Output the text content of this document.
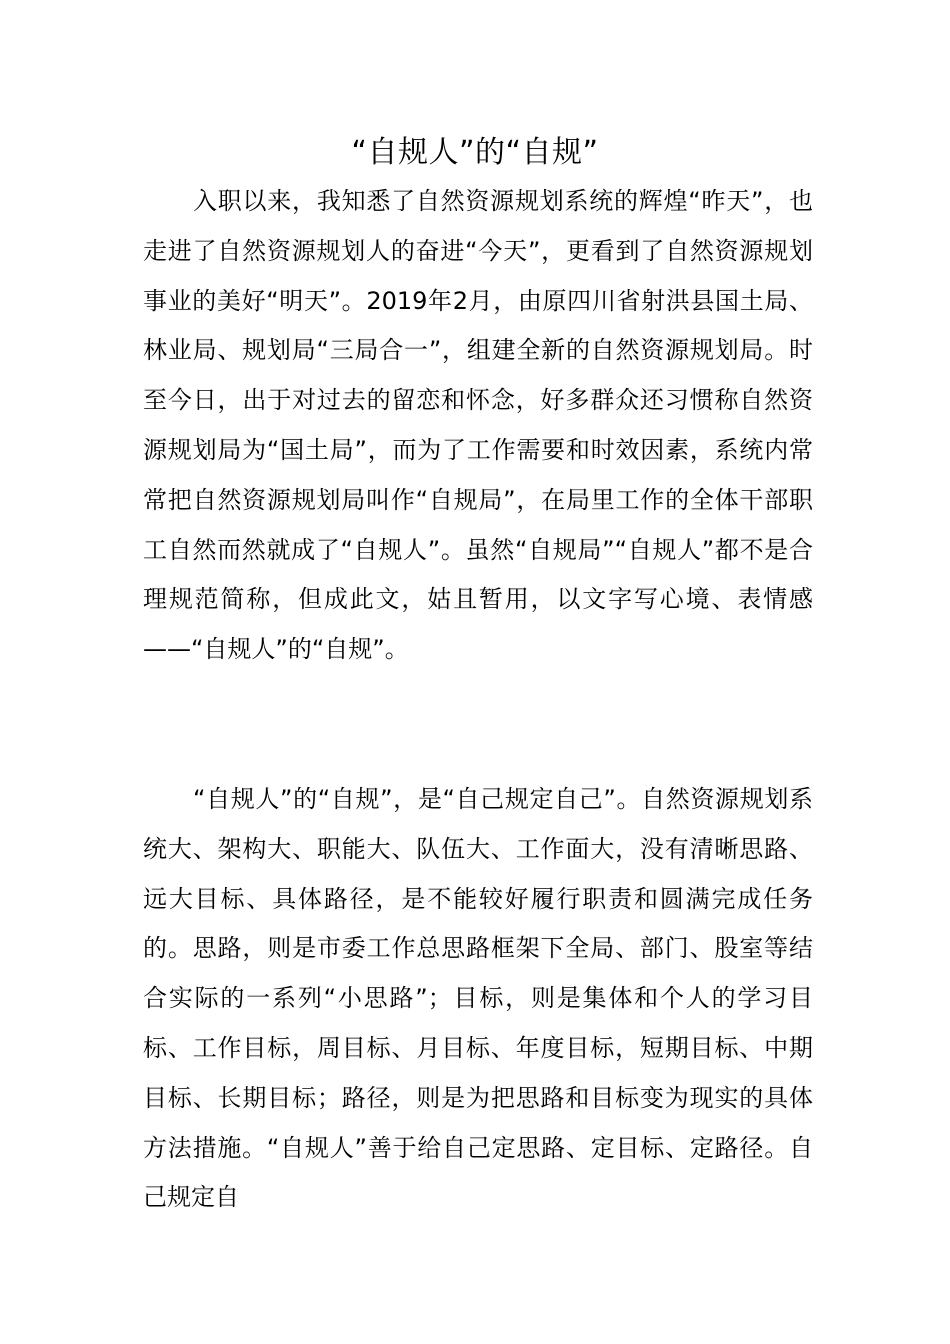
“自规人”的“自规”
入职以来，我知悉了自然资源规划系统的辉煌“昨天”，也走进了自然资源规划人的奋进“今天”，更看到了自然资源规划事业的美好“明天”。2019年2月，由原四川省射洪县国土局、林业局、规划局“三局合一”，组建全新的自然资源规划局。时至今日，出于对过去的留恋和怀念，好多群众还习惯称自然资源规划局为“国土局”，而为了工作需要和时效因素，系统内常常把自然资源规划局叫作“自规局”，在局里工作的全体干部职工自然而然就成了“自规人”。虽然“自规局”“自规人”都不是合理规范简称，但成此文，姑且暂用，以文字写心境、表情感——“自规人”的“自规”。
“自规人”的“自规”，是“自己规定自己”。自然资源规划系统大、架构大、职能大、队伍大、工作面大，没有清晰思路、远大目标、具体路径，是不能较好履行职责和圆满完成任务的。思路，则是市委工作总思路框架下全局、部门、股室等结合实际的一系列“小思路”；目标，则是集体和个人的学习目标、工作目标，周目标、月目标、年度目标，短期目标、中期目标、长期目标；路径，则是为把思路和目标变为现实的具体方法措施。“自规人”善于给自己定思路、定目标、定路径。自己规定自
